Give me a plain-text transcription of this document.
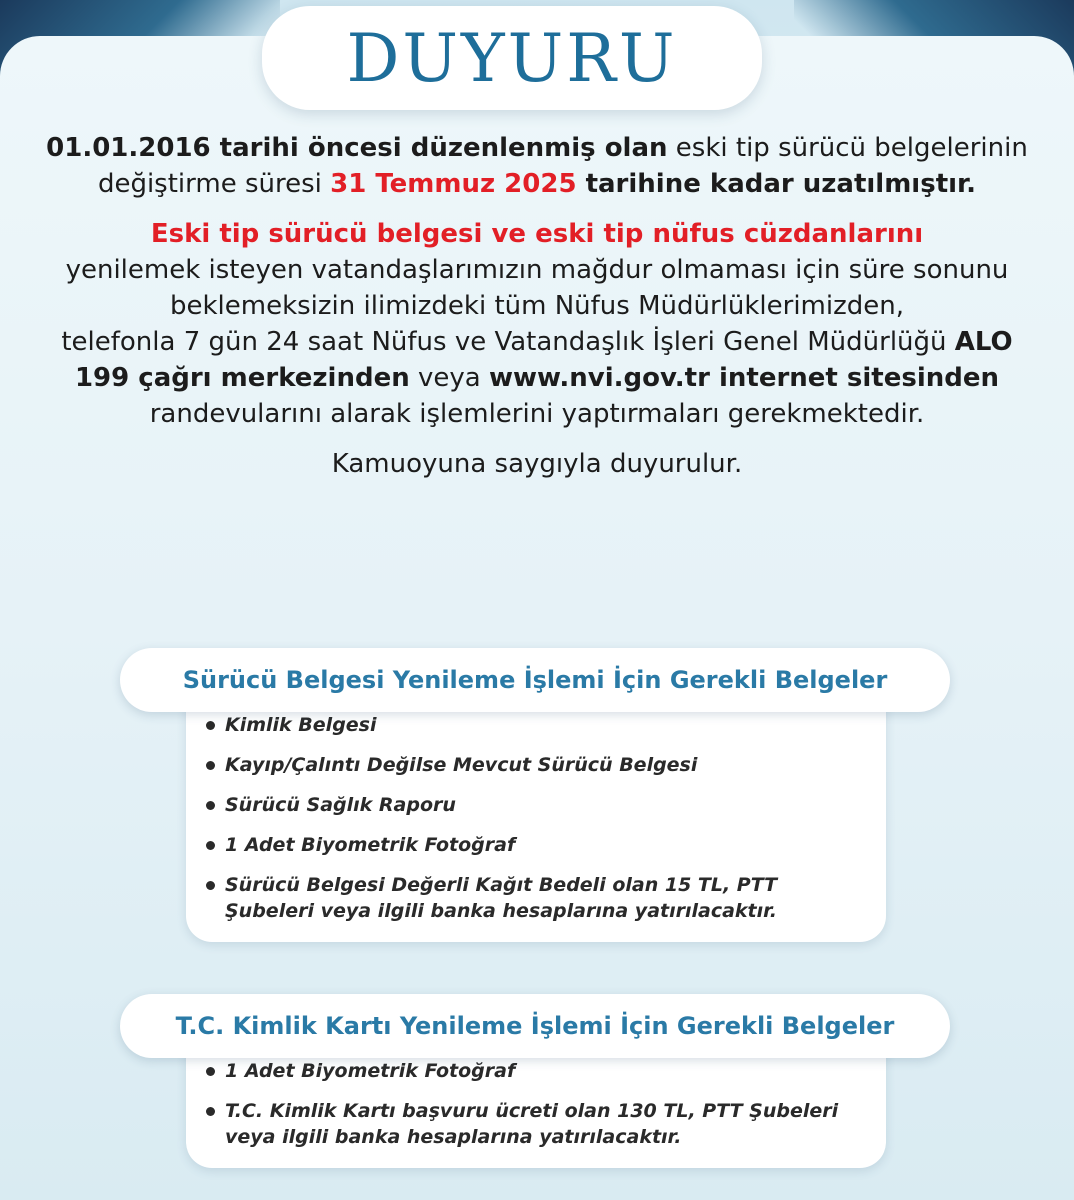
DUYURU
01.01.2016 tarihi öncesi düzenlenmiş olan eski tip sürücü belgelerinin değiştirme süresi 31 Temmuz 2025 tarihine kadar uzatılmıştır.
Eski tip sürücü belgesi ve eski tip nüfus cüzdanlarını
yenilemek isteyen vatandaşlarımızın mağdur olmaması için süre sonunu beklemeksizin ilimizdeki tüm Nüfus Müdürlüklerimizden,
telefonla 7 gün 24 saat Nüfus ve Vatandaşlık İşleri Genel Müdürlüğü ALO 199 çağrı merkezinden veya www.nvi.gov.tr internet sitesinden randevularını alarak işlemlerini yaptırmaları gerekmektedir.
Kamuoyuna saygıyla duyurulur.
Sürücü Belgesi Yenileme İşlemi İçin Gerekli Belgeler
Kimlik Belgesi
Kayıp/Çalıntı Değilse Mevcut Sürücü Belgesi
Sürücü Sağlık Raporu
1 Adet Biyometrik Fotoğraf
Sürücü Belgesi Değerli Kağıt Bedeli olan 15 TL, PTT Şubeleri veya ilgili banka hesaplarına yatırılacaktır.
T.C. Kimlik Kartı Yenileme İşlemi İçin Gerekli Belgeler
1 Adet Biyometrik Fotoğraf
T.C. Kimlik Kartı başvuru ücreti olan 130 TL, PTT Şubeleri veya ilgili banka hesaplarına yatırılacaktır.
